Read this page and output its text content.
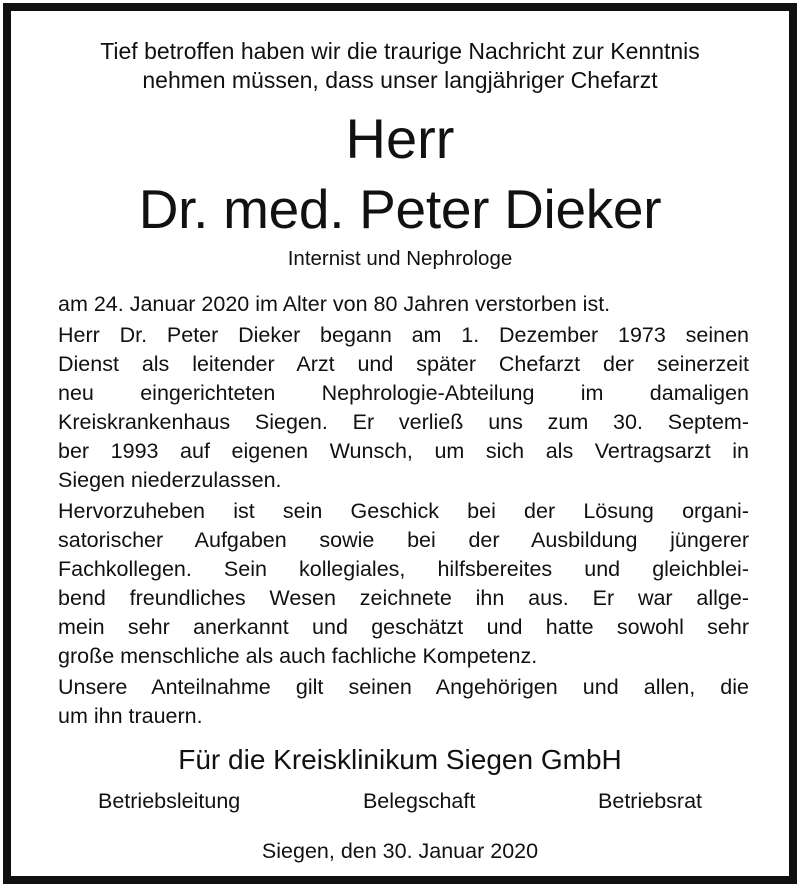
Tief betroffen haben wir die traurige Nachricht zur Kenntnis
nehmen müssen, dass unser langjähriger Chefarzt
Herr
Dr. med. Peter Dieker
Internist und Nephrologe
am 24. Januar 2020 im Alter von 80 Jahren verstorben ist.
Herr Dr. Peter Dieker begann am 1. Dezember 1973 seinen
Dienst als leitender Arzt und später Chefarzt der seinerzeit
neu eingerichteten Nephrologie-Abteilung im damaligen
Kreiskrankenhaus Siegen. Er verließ uns zum 30. Septem-
ber 1993 auf eigenen Wunsch, um sich als Vertragsarzt in
Siegen niederzulassen.
Hervorzuheben ist sein Geschick bei der Lösung organi-
satorischer Aufgaben sowie bei der Ausbildung jüngerer
Fachkollegen. Sein kollegiales, hilfsbereites und gleichblei-
bend freundliches Wesen zeichnete ihn aus. Er war allge-
mein sehr anerkannt und geschätzt und hatte sowohl sehr
große menschliche als auch fachliche Kompetenz.
Unsere Anteilnahme gilt seinen Angehörigen und allen, die
um ihn trauern.
Für die Kreisklinikum Siegen GmbH
Betriebsleitung	Belegschaft	Betriebsrat
Siegen, den 30. Januar 2020
